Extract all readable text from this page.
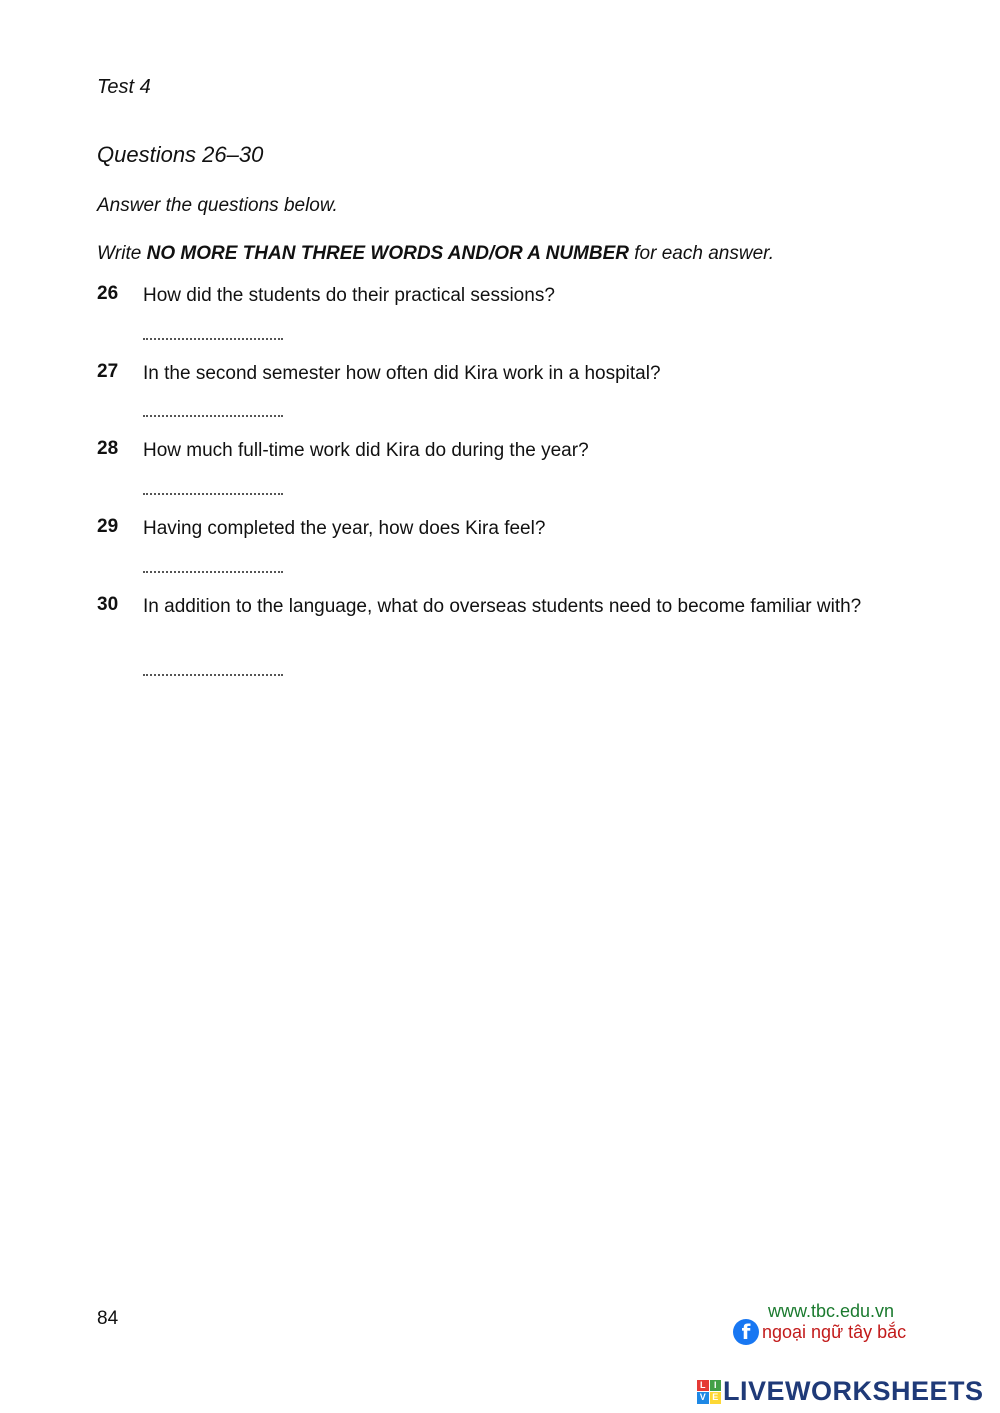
Test 4
Questions 26–30
Answer the questions below.
Write NO MORE THAN THREE WORDS AND/OR A NUMBER for each answer.
26 How did the students do their practical sessions?
27 In the second semester how often did Kira work in a hospital?
28 How much full-time work did Kira do during the year?
29 Having completed the year, how does Kira feel?
30 In addition to the language, what do overseas students need to become familiar with?
84	www.tbc.edu.vn
f ngoại ngữ tây bắc
L I
V E LIVEWORKSHEETS
